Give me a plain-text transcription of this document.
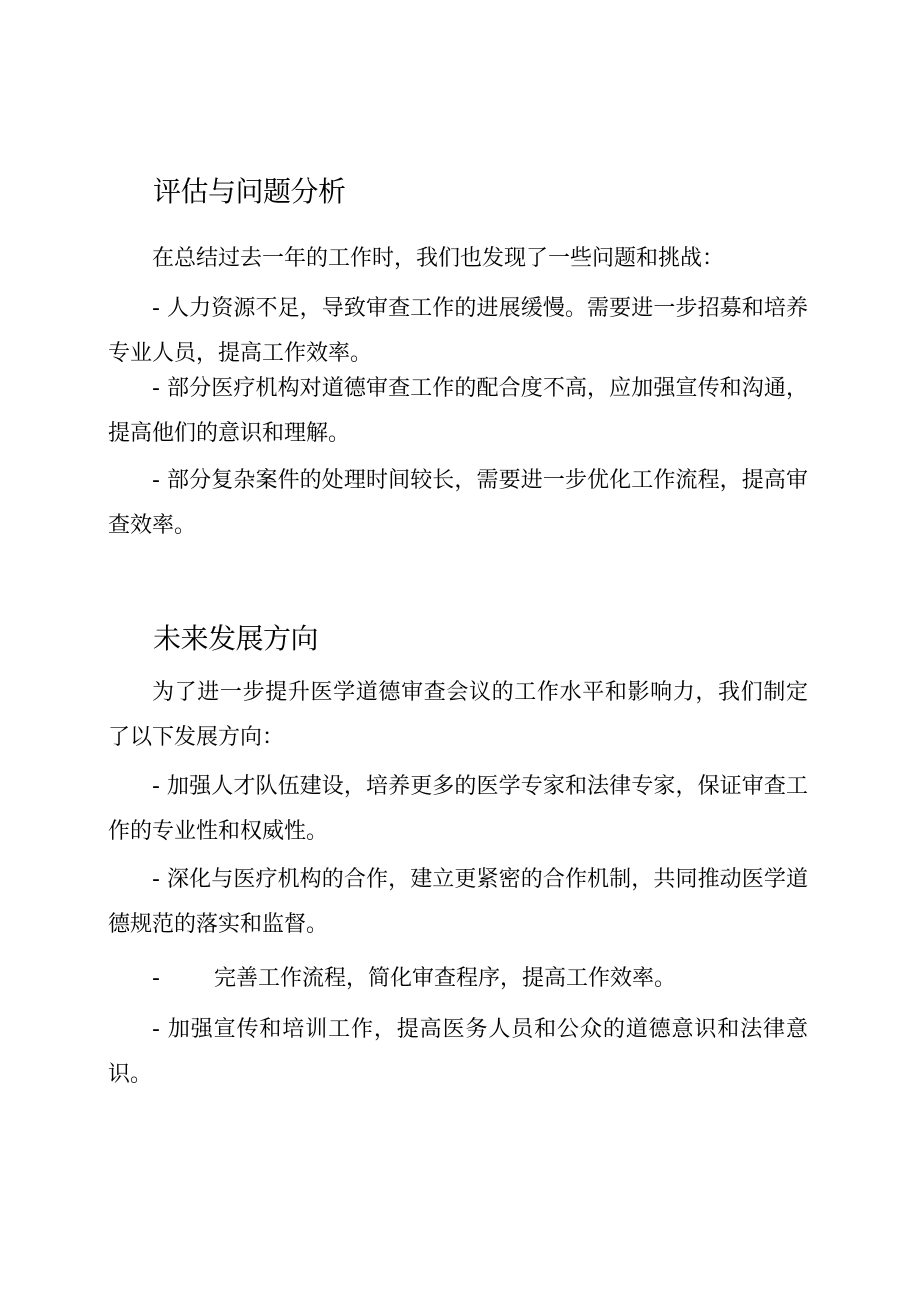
评估与问题分析

在总结过去一年的工作时，我们也发现了一些问题和挑战：

- 人力资源不足，导致审查工作的进展缓慢。需要进一步招募和培养专业人员，提高工作效率。

- 部分医疗机构对道德审查工作的配合度不高，应加强宣传和沟通，提高他们的意识和理解。

- 部分复杂案件的处理时间较长，需要进一步优化工作流程，提高审查效率。

未来发展方向

为了进一步提升医学道德审查会议的工作水平和影响力，我们制定了以下发展方向：

- 加强人才队伍建设，培养更多的医学专家和法律专家，保证审查工作的专业性和权威性。

- 深化与医疗机构的合作，建立更紧密的合作机制，共同推动医学道德规范的落实和监督。

- 完善工作流程，简化审查程序，提高工作效率。

- 加强宣传和培训工作，提高医务人员和公众的道德意识和法律意识。
